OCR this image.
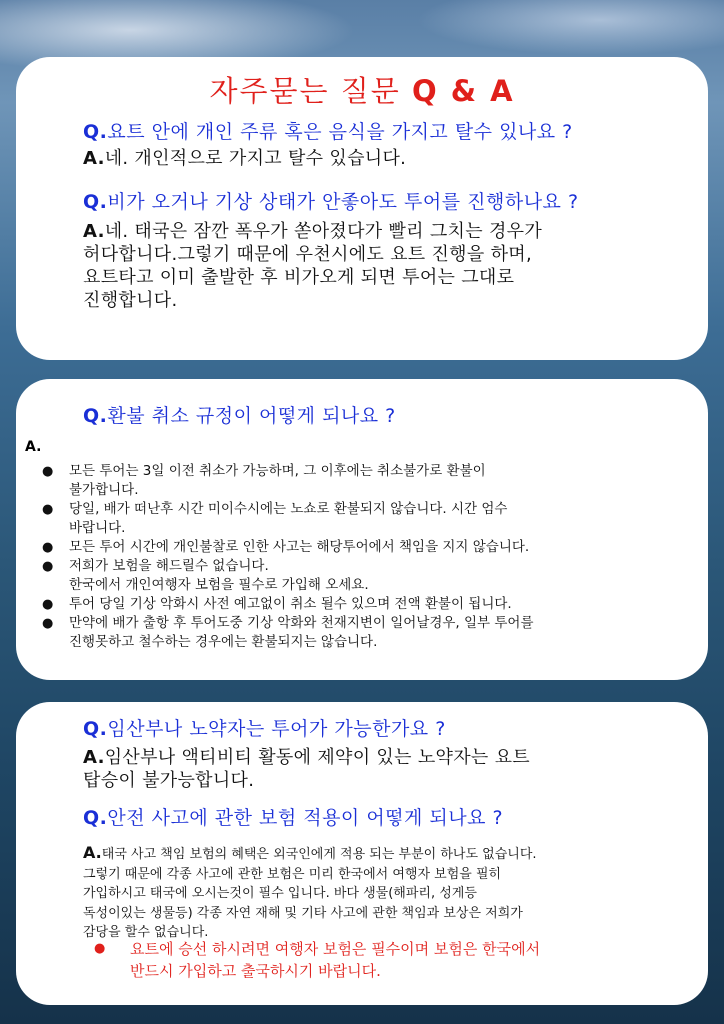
자주묻는 질문 Q & A

Q.요트 안에 개인 주류 혹은 음식을 가지고 탈수 있나요 ?

A.네. 개인적으로 가지고 탈수 있습니다.

Q.비가 오거나 기상 상태가 안좋아도 투어를 진행하나요 ?

A.네. 태국은 잠깐 폭우가 쏟아졌다가 빨리 그치는 경우가
허다합니다.그렇기 때문에 우천시에도 요트 진행을 하며,
요트타고 이미 출발한 후 비가오게 되면 투어는 그대로
진행합니다.

Q.환불 취소 규정이 어떻게 되나요 ?

A.
● 모든 투어는 3일 이전 취소가 가능하며, 그 이후에는 취소불가로 환불이
불가합니다.
● 당일, 배가 떠난후 시간 미이수시에는 노쇼로 환불되지 않습니다. 시간 엄수
바랍니다.
● 모든 투어 시간에 개인불찰로 인한 사고는 해당투어에서 책임을 지지 않습니다.
● 저희가 보험을 해드릴수 없습니다.
한국에서 개인여행자 보험을 필수로 가입해 오세요.
● 투어 당일 기상 악화시 사전 예고없이 취소 될수 있으며 전액 환불이 됩니다.
● 만약에 배가 출항 후 투어도중 기상 악화와 천재지변이 일어날경우, 일부 투어를
진행못하고 철수하는 경우에는 환불되지는 않습니다.

Q.임산부나 노약자는 투어가 가능한가요 ?

A.임산부나 액티비티 활동에 제약이 있는 노약자는 요트
탑승이 불가능합니다.

Q.안전 사고에 관한 보험 적용이 어떻게 되나요 ?

A.태국 사고 책임 보험의 혜택은 외국인에게 적용 되는 부분이 하나도 없습니다.
그렇기 때문에 각종 사고에 관한 보험은 미리 한국에서 여행자 보험을 필히
가입하시고 태국에 오시는것이 필수 입니다. 바다 생물(해파리, 성게등
독성이있는 생물등) 각종 자연 재해 및 기타 사고에 관한 책임과 보상은 저희가
감당을 할수 없습니다.

●	요트에 승선 하시려면 여행자 보험은 필수이며 보험은 한국에서
반드시 가입하고 출국하시기 바랍니다.
